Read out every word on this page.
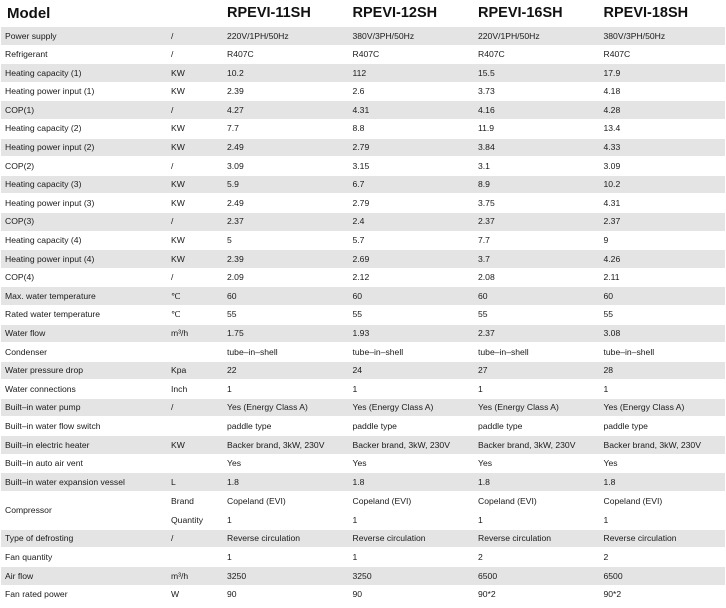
Model		RPEVI-11SH	RPEVI-12SH	RPEVI-16SH	RPEVI-18SH
Power supply	/	220V/1PH/50Hz	380V/3PH/50Hz	220V/1PH/50Hz	380V/3PH/50Hz
Refrigerant	/	R407C	R407C	R407C	R407C
Heating capacity (1)	KW	10.2	112	15.5	17.9
Heating power input (1)	KW	2.39	2.6	3.73	4.18
COP(1)	/	4.27	4.31	4.16	4.28
Heating capacity (2)	KW	7.7	8.8	11.9	13.4
Heating power input (2)	KW	2.49	2.79	3.84	4.33
COP(2)	/	3.09	3.15	3.1	3.09
Heating capacity (3)	KW	5.9	6.7	8.9	10.2
Heating power input (3)	KW	2.49	2.79	3.75	4.31
COP(3)	/	2.37	2.4	2.37	2.37
Heating capacity (4)	KW	5	5.7	7.7	9
Heating power input (4)	KW	2.39	2.69	3.7	4.26
COP(4)	/	2.09	2.12	2.08	2.11
Max. water temperature	℃	60	60	60	60
Rated water temperature	℃	55	55	55	55
Water flow	m³/h	1.75	1.93	2.37	3.08
Condenser		tube–in–shell	tube–in–shell	tube–in–shell	tube–in–shell
Water pressure drop	Kpa	22	24	27	28
Water connections	Inch	1	1	1	1
Built–in water pump	/	Yes (Energy Class A)	Yes (Energy Class A)	Yes (Energy Class A)	Yes (Energy Class A)
Built–in water flow switch		paddle type	paddle type	paddle type	paddle type
Built–in electric heater	KW	Backer brand, 3kW, 230V	Backer brand, 3kW, 230V	Backer brand, 3kW, 230V	Backer brand, 3kW, 230V
Built–in auto air vent		Yes	Yes	Yes	Yes
Built–in water expansion vessel	L	1.8	1.8	1.8	1.8
Compressor	Brand	Copeland (EVI)	Copeland (EVI)	Copeland (EVI)	Copeland (EVI)
	Quantity	1	1	1	1
Type of defrosting	/	Reverse circulation	Reverse circulation	Reverse circulation	Reverse circulation
Fan quantity		1	1	2	2
Air flow	m³/h	3250	3250	6500	6500
Fan rated power	W	90	90	90*2	90*2
